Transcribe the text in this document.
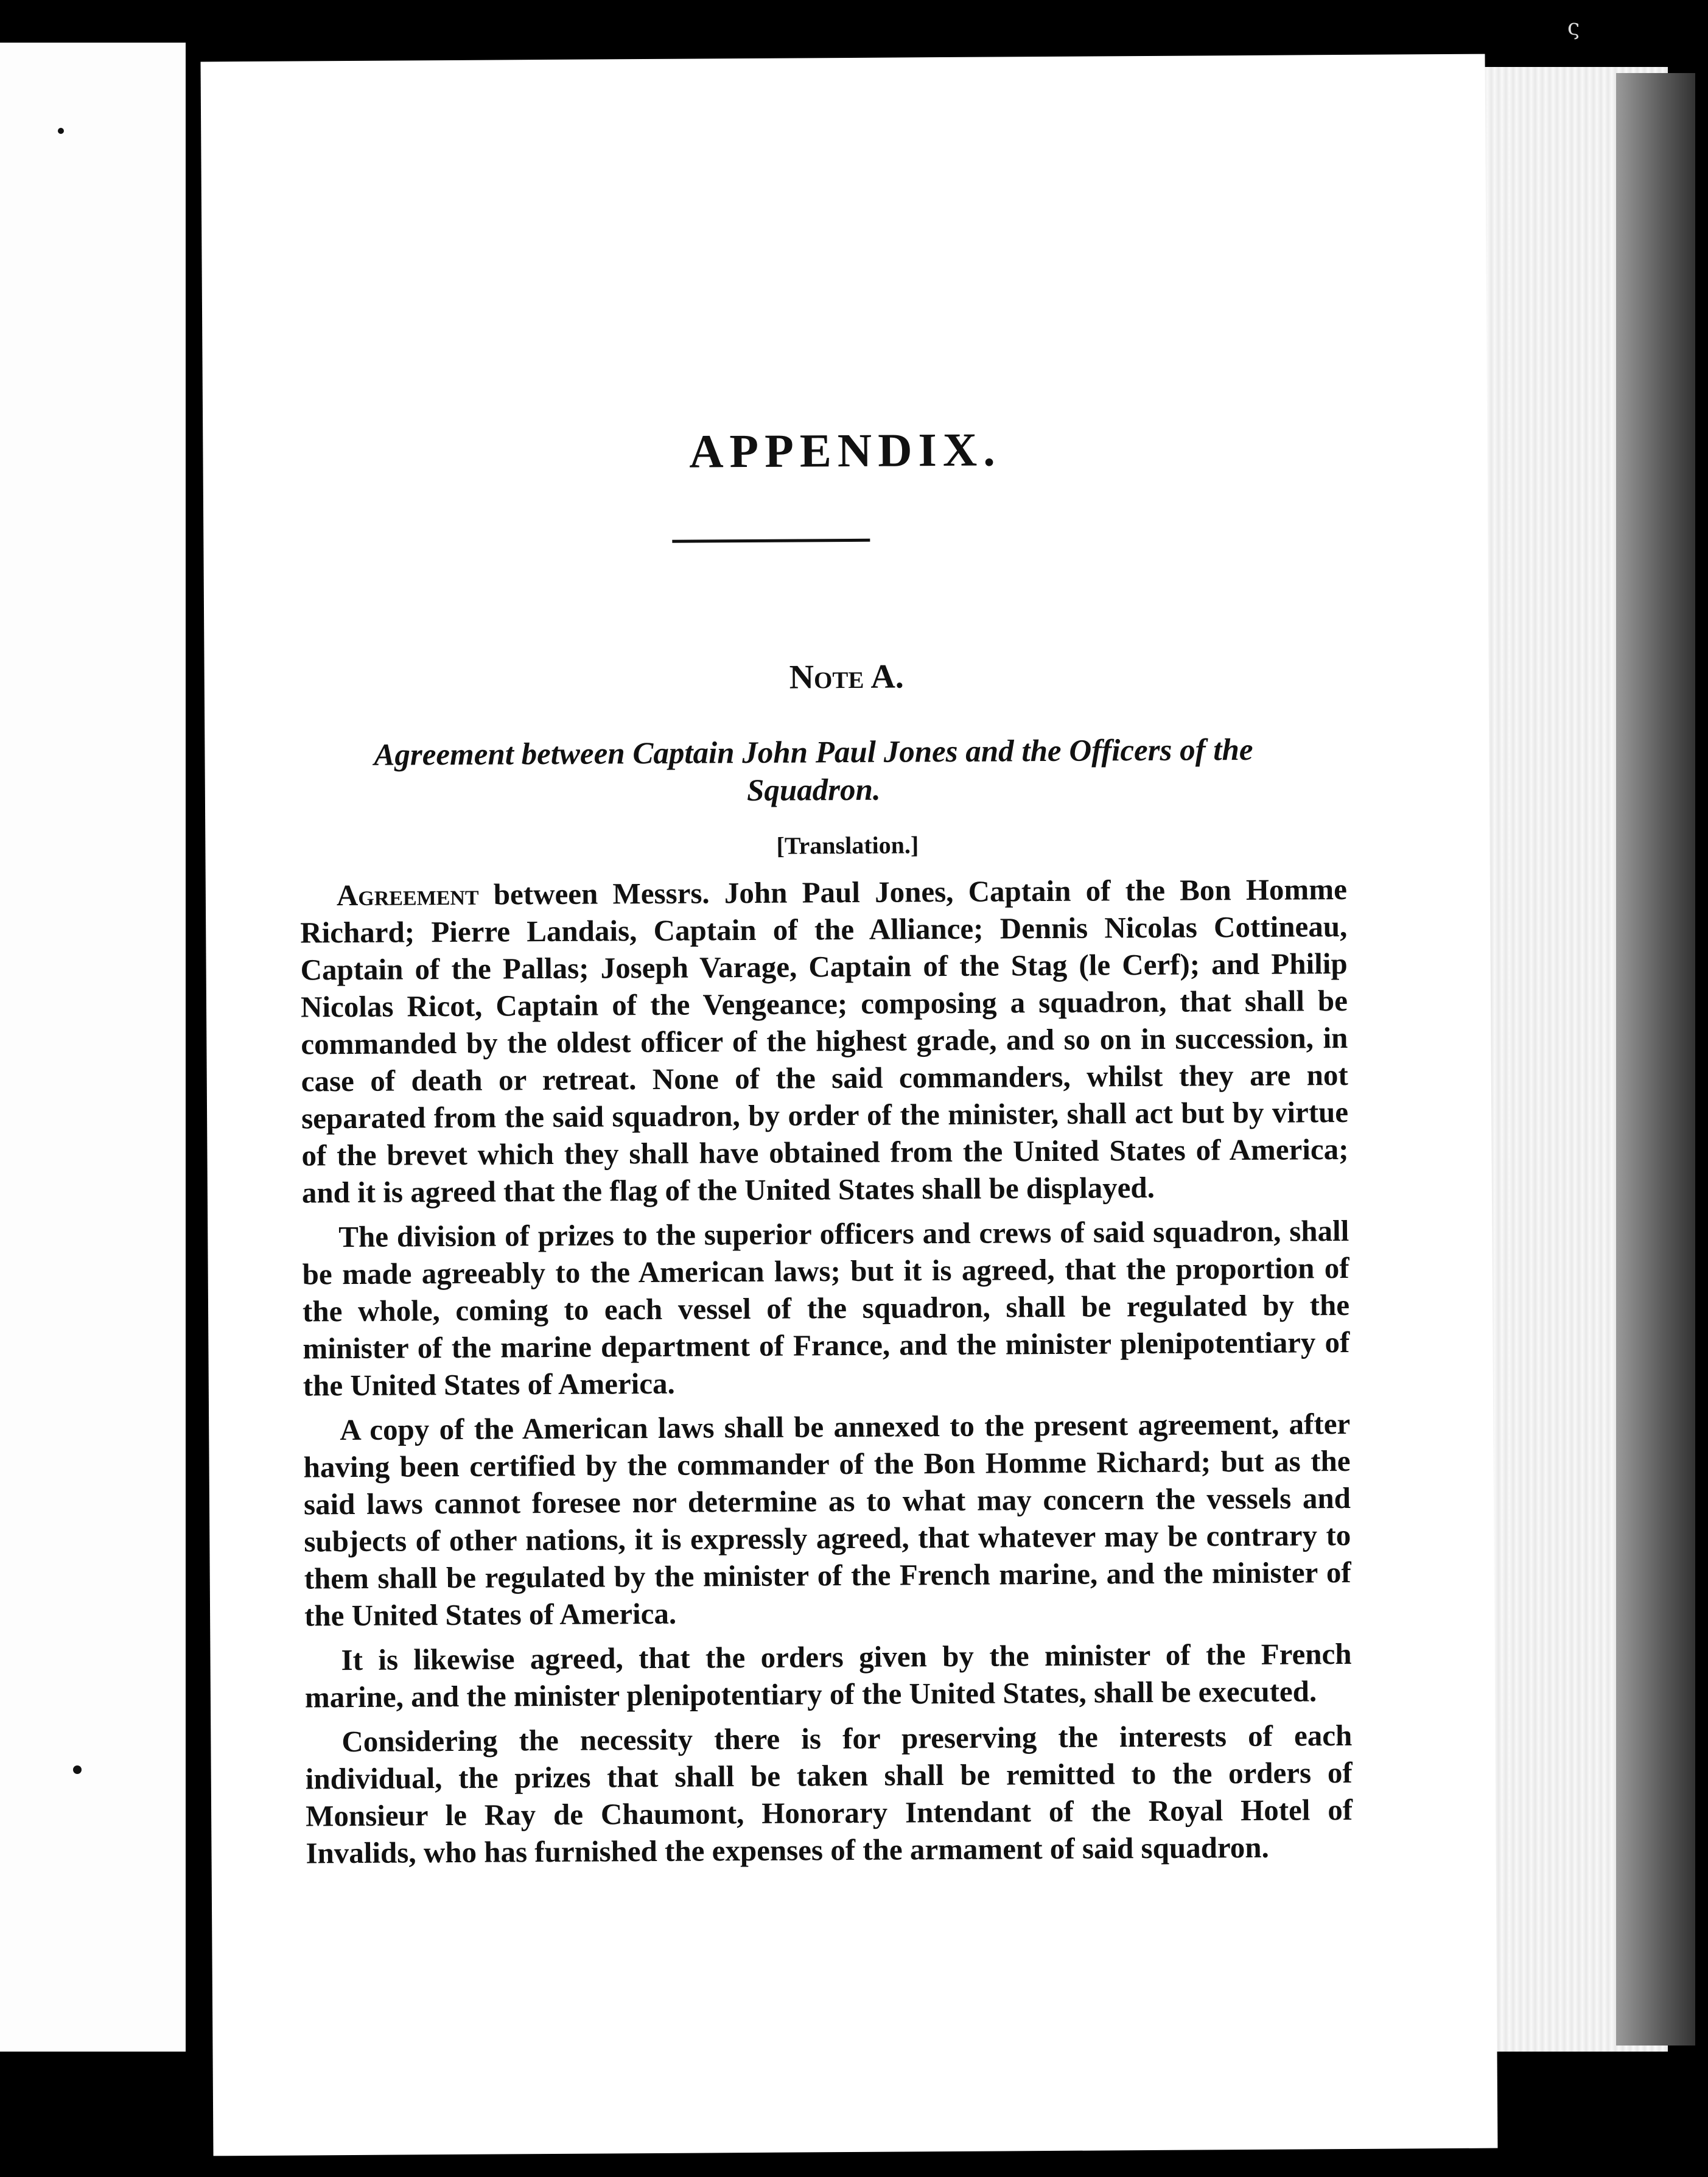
ς
APPENDIX.
Note A.
Agreement between Captain John Paul Jones and the Officers of the Squadron.
[Translation.]

Agreement between Messrs. John Paul Jones, Captain of the Bon Homme Richard; Pierre Landais, Captain of the Alliance; Dennis Nicolas Cottineau, Captain of the Pallas; Joseph Varage, Captain of the Stag (le Cerf); and Philip Nicolas Ricot, Captain of the Vengeance; composing a squadron, that shall be commanded by the oldest officer of the highest grade, and so on in succession, in case of death or retreat. None of the said commanders, whilst they are not separated from the said squadron, by order of the minister, shall act but by virtue of the brevet which they shall have obtained from the United States of America; and it is agreed that the flag of the United States shall be displayed.

The division of prizes to the superior officers and crews of said squadron, shall be made agreeably to the American laws; but it is agreed, that the proportion of the whole, coming to each vessel of the squadron, shall be regulated by the minister of the marine department of France, and the minister plenipotentiary of the United States of America.

A copy of the American laws shall be annexed to the present agreement, after having been certified by the commander of the Bon Homme Richard; but as the said laws cannot foresee nor determine as to what may concern the vessels and subjects of other nations, it is expressly agreed, that whatever may be contrary to them shall be regulated by the minister of the French marine, and the minister of the United States of America.

It is likewise agreed, that the orders given by the minister of the French marine, and the minister plenipotentiary of the United States, shall be executed.

Considering the necessity there is for preserving the interests of each individual, the prizes that shall be taken shall be remitted to the orders of Monsieur le Ray de Chaumont, Honorary Intendant of the Royal Hotel of Invalids, who has furnished the expenses of the armament of said squadron.
